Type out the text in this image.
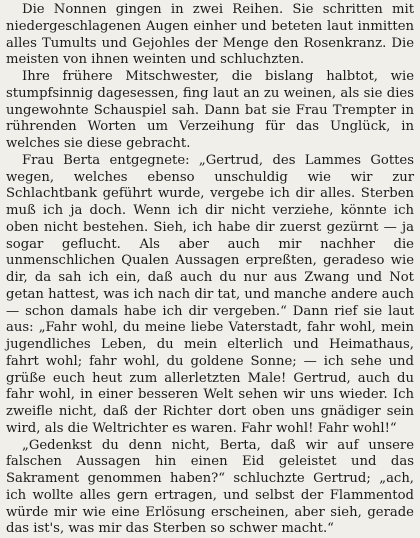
Die Nonnen gingen in zwei Reihen. Sie schritten mit niedergeschlagenen Augen einher und beteten laut inmitten alles Tumults und Gejohles der Menge den Rosenkranz. Die meisten von ihnen weinten und schluchzten.

Ihre frühere Mitschwester, die bislang halbtot, wie stumpfsinnig dagesessen, fing laut an zu weinen, als sie dies ungewohnte Schauspiel sah. Dann bat sie Frau Trempter in rührenden Worten um Verzeihung für das Unglück, in welches sie diese gebracht.

Frau Berta entgegnete: „Gertrud, des Lammes Gottes wegen, welches ebenso unschuldig wie wir zur Schlachtbank geführt wurde, vergebe ich dir alles. Sterben muß ich ja doch. Wenn ich dir nicht verziehe, könnte ich oben nicht bestehen. Sieh, ich habe dir zuerst gezürnt — ja sogar geflucht. Als aber auch mir nachher die unmenschlichen Qualen Aussagen erpreßten, geradeso wie dir, da sah ich ein, daß auch du nur aus Zwang und Not getan hattest, was ich nach dir tat, und manche andere auch — schon damals habe ich dir vergeben.“ Dann rief sie laut aus: „Fahr wohl, du meine liebe Vaterstadt, fahr wohl, mein jugendliches Leben, du mein elterlich und Heimathaus, fahrt wohl; fahr wohl, du goldene Sonne; — ich sehe und grüße euch heut zum allerletzten Male! Gertrud, auch du fahr wohl, in einer besseren Welt sehen wir uns wieder. Ich zweifle nicht, daß der Richter dort oben uns gnädiger sein wird, als die Weltrichter es waren. Fahr wohl! Fahr wohl!“

„Gedenkst du denn nicht, Berta, daß wir auf unsere falschen Aussagen hin einen Eid geleistet und das Sakrament genommen haben?“ schluchzte Gertrud; „ach, ich wollte alles gern ertragen, und selbst der Flammentod würde mir wie eine Erlösung erscheinen, aber sieh, gerade das ist's, was mir das Sterben so schwer macht.“
